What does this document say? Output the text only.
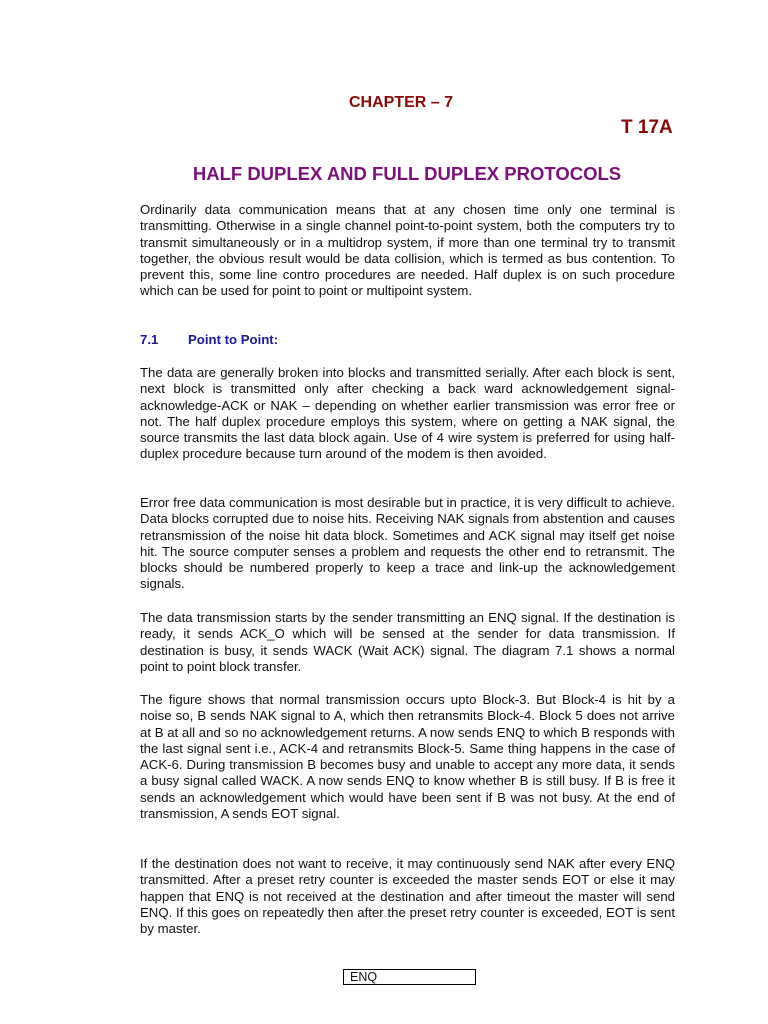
CHAPTER – 7
T 17A
HALF DUPLEX AND FULL DUPLEX PROTOCOLS
Ordinarily data communication means that at any chosen time only one terminal is transmitting. Otherwise in a single channel point-to-point system, both the computers try to transmit simultaneously or in a multidrop system, if more than one terminal try to transmit together, the obvious result would be data collision, which is termed as bus contention. To prevent this, some line contro procedures are needed. Half duplex is on such procedure which can be used for point to point or multipoint system.
7.1 Point to Point:
The data are generally broken into blocks and transmitted serially. After each block is sent, next block is transmitted only after checking a back ward acknowledgement signal-acknowledge-ACK or NAK – depending on whether earlier transmission was error free or not. The half duplex procedure employs this system, where on getting a NAK signal, the source transmits the last data block again. Use of 4 wire system is preferred for using half-duplex procedure because turn around of the modem is then avoided.
Error free data communication is most desirable but in practice, it is very difficult to achieve. Data blocks corrupted due to noise hits. Receiving NAK signals from abstention and causes retransmission of the noise hit data block. Sometimes and ACK signal may itself get noise hit. The source computer senses a problem and requests the other end to retransmit. The blocks should be numbered properly to keep a trace and link-up the acknowledgement signals.
The data transmission starts by the sender transmitting an ENQ signal. If the destination is ready, it sends ACK_O which will be sensed at the sender for data transmission. If destination is busy, it sends WACK (Wait ACK) signal. The diagram 7.1 shows a normal point to point block transfer.
The figure shows that normal transmission occurs upto Block-3. But Block-4 is hit by a noise so, B sends NAK signal to A, which then retransmits Block-4. Block 5 does not arrive at B at all and so no acknowledgement returns. A now sends ENQ to which B responds with the last signal sent i.e., ACK-4 and retransmits Block-5. Same thing happens in the case of ACK-6. During transmission B becomes busy and unable to accept any more data, it sends a busy signal called WACK. A now sends ENQ to know whether B is still busy. If B is free it sends an acknowledgement which would have been sent if B was not busy. At the end of transmission, A sends EOT signal.
If the destination does not want to receive, it may continuously send NAK after every ENQ transmitted. After a preset retry counter is exceeded the master sends EOT or else it may happen that ENQ is not received at the destination and after timeout the master will send ENQ. If this goes on repeatedly then after the preset retry counter is exceeded, EOT is sent by master.
ENQ
